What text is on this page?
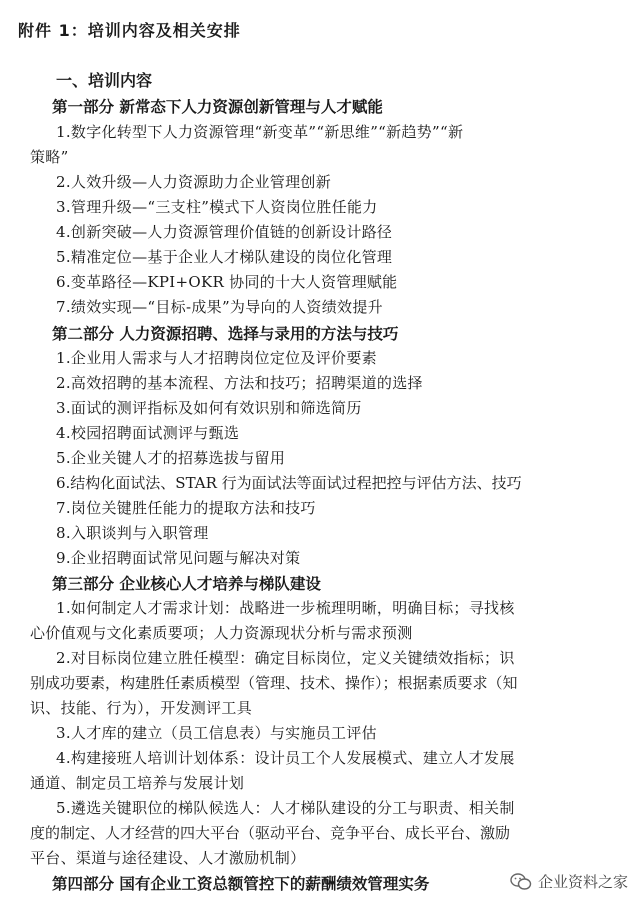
附件 1：培训内容及相关安排
一、培训内容
第一部分 新常态下人力资源创新管理与人才赋能
1.数字化转型下人力资源管理“新变革”“新思维”“新趋势”“新
策略”
2.人效升级—人力资源助力企业管理创新
3.管理升级—“三支柱”模式下人资岗位胜任能力
4.创新突破—人力资源管理价值链的创新设计路径
5.精准定位—基于企业人才梯队建设的岗位化管理
6.变革路径—KPI+OKR 协同的十大人资管理赋能
7.绩效实现—“目标-成果”为导向的人资绩效提升
第二部分 人力资源招聘、选择与录用的方法与技巧
1.企业用人需求与人才招聘岗位定位及评价要素
2.高效招聘的基本流程、方法和技巧；招聘渠道的选择
3.面试的测评指标及如何有效识别和筛选简历
4.校园招聘面试测评与甄选
5.企业关键人才的招募选拔与留用
6.结构化面试法、STAR 行为面试法等面试过程把控与评估方法、技巧
7.岗位关键胜任能力的提取方法和技巧
8.入职谈判与入职管理
9.企业招聘面试常见问题与解决对策
第三部分 企业核心人才培养与梯队建设
1.如何制定人才需求计划：战略进一步梳理明晰，明确目标；寻找核
心价值观与文化素质要项；人力资源现状分析与需求预测
2.对目标岗位建立胜任模型：确定目标岗位，定义关键绩效指标；识
别成功要素，构建胜任素质模型（管理、技术、操作）；根据素质要求（知
识、技能、行为），开发测评工具
3.人才库的建立（员工信息表）与实施员工评估
4.构建接班人培训计划体系：设计员工个人发展模式、建立人才发展
通道、制定员工培养与发展计划
5.遴选关键职位的梯队候选人：人才梯队建设的分工与职责、相关制
度的制定、人才经营的四大平台（驱动平台、竞争平台、成长平台、激励
平台、渠道与途径建设、人才激励机制）
第四部分 国有企业工资总额管控下的薪酬绩效管理实务	企业资料之家
